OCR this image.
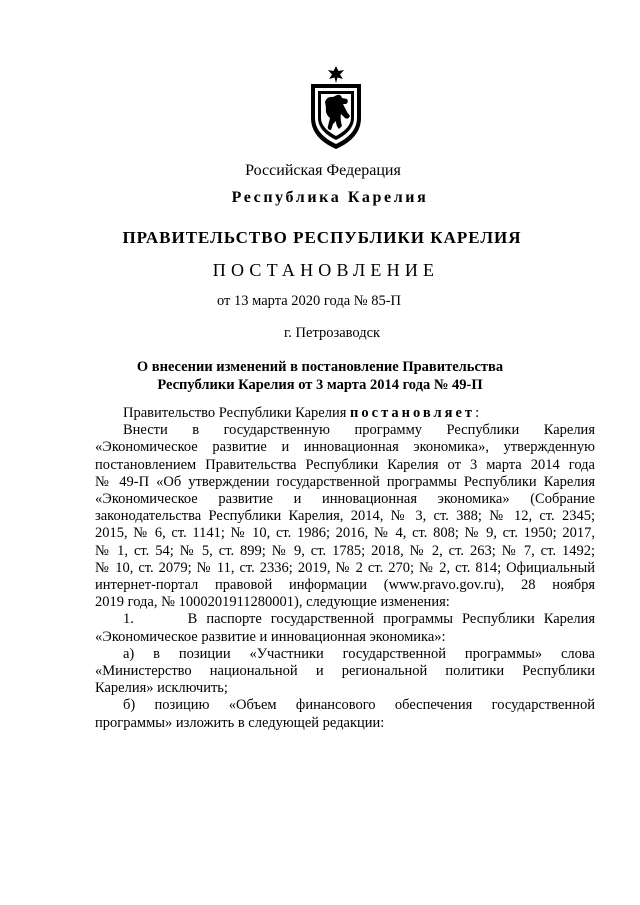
Российская Федерация
Республика Карелия
ПРАВИТЕЛЬСТВО РЕСПУБЛИКИ КАРЕЛИЯ
ПОСТАНОВЛЕНИЕ
от 13 марта 2020 года № 85-П
г. Петрозаводск
О внесении изменений в постановление Правительства
Республики Карелия от 3 марта 2014 года № 49-П
Правительство Республики Карелия постановляет:
Внести в государственную программу Республики Карелия
«Экономическое развитие и инновационная экономика», утвержденную
постановлением Правительства Республики Карелия от 3 марта 2014 года
№ 49-П «Об утверждении государственной программы Республики Карелия
«Экономическое развитие и инновационная экономика» (Собрание
законодательства Республики Карелия, 2014, № 3, ст. 388; № 12, ст. 2345;
2015, № 6, ст. 1141; № 10, ст. 1986; 2016, № 4, ст. 808; № 9, ст. 1950; 2017,
№ 1, ст. 54; № 5, ст. 899; № 9, ст. 1785; 2018, № 2, ст. 263; № 7, ст. 1492;
№ 10, ст. 2079; № 11, ст. 2336; 2019, № 2 ст. 270; № 2, ст. 814; Официальный
интернет-портал правовой информации (www.pravo.gov.ru), 28 ноября
2019 года, № 1000201911280001), следующие изменения:
1.      В паспорте государственной программы Республики Карелия
«Экономическое развитие и инновационная экономика»:
а) в позиции «Участники государственной программы» слова
«Министерство национальной и региональной политики Республики
Карелия» исключить;
б) позицию «Объем финансового обеспечения государственной
программы» изложить в следующей редакции:
